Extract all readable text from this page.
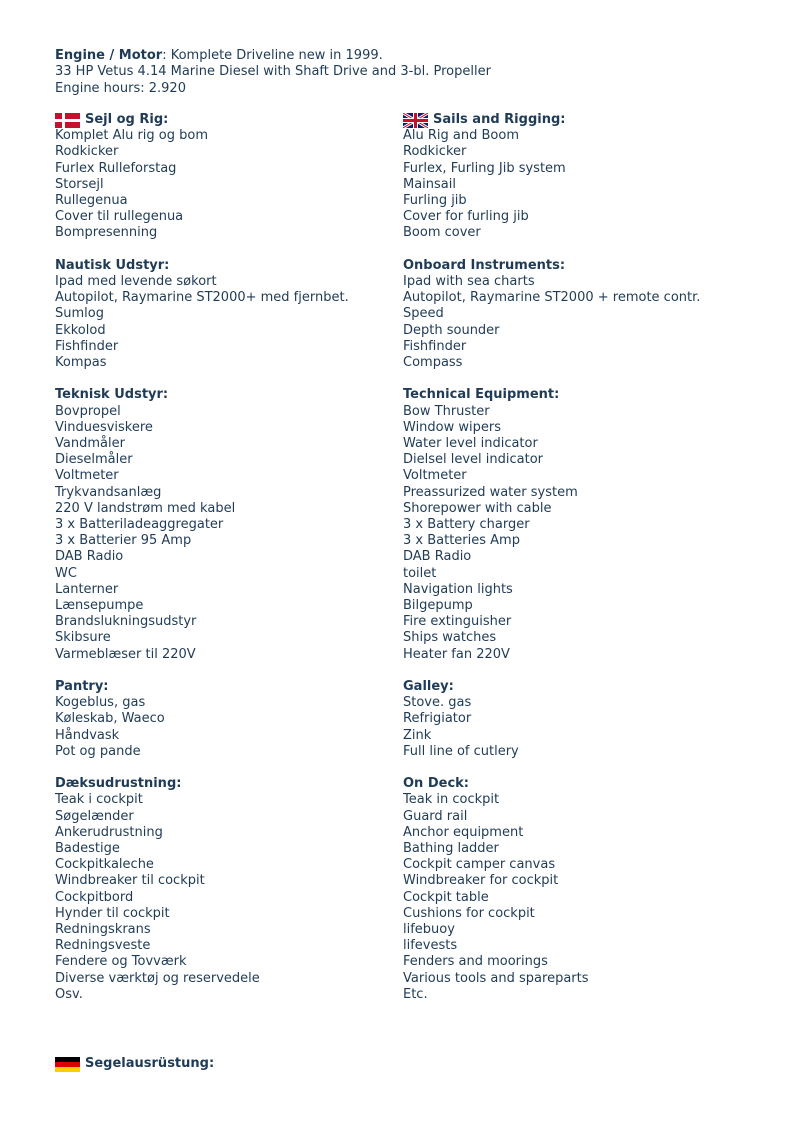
Engine / Motor: Komplete Driveline new in 1999.
33 HP Vetus 4.14 Marine Diesel with Shaft Drive and 3-bl. Propeller
Engine hours: 2.920
Sejl og Rig:
Komplet Alu rig og bom
Rodkicker
Furlex Rulleforstag
Storsejl
Rullegenua
Cover til rullegenua
Bompresenning
Nautisk Udstyr:
Ipad med levende søkort
Autopilot, Raymarine ST2000+ med fjernbet.
Sumlog
Ekkolod
Fishfinder
Kompas
Teknisk Udstyr:
Bovpropel
Vinduesviskere
Vandmåler
Dieselmåler
Voltmeter
Trykvandsanlæg
220 V landstrøm med kabel
3 x Batteriladeaggregater
3 x Batterier 95 Amp
DAB Radio
WC
Lanterner
Lænsepumpe
Brandslukningsudstyr
Skibsure
Varmeblæser til 220V
Pantry:
Kogeblus, gas
Køleskab, Waeco
Håndvask
Pot og pande
Dæksudrustning:
Teak i cockpit
Søgelænder
Ankerudrustning
Badestige
Cockpitkaleche
Windbreaker til cockpit
Cockpitbord
Hynder til cockpit
Redningskrans
Redningsveste
Fendere og Tovværk
Diverse værktøj og reservedele
Osv.
Sails and Rigging:
Alu Rig and Boom
Rodkicker
Furlex, Furling Jib system
Mainsail
Furling jib
Cover for furling jib
Boom cover
Onboard Instruments:
Ipad with sea charts
Autopilot, Raymarine ST2000 + remote contr.
Speed
Depth sounder
Fishfinder
Compass
Technical Equipment:
Bow Thruster
Window wipers
Water level indicator
Dielsel level indicator
Voltmeter
Preassurized water system
Shorepower with cable
3 x Battery charger
3 x Batteries Amp
DAB Radio
toilet
Navigation lights
Bilgepump
Fire extinguisher
Ships watches
Heater fan 220V
Galley:
Stove. gas
Refrigiator
Zink
Full line of cutlery
On Deck:
Teak in cockpit
Guard rail
Anchor equipment
Bathing ladder
Cockpit camper canvas
Windbreaker for cockpit
Cockpit table
Cushions for cockpit
lifebuoy
lifevests
Fenders and moorings
Various tools and spareparts
Etc.
Segelausrüstung:
